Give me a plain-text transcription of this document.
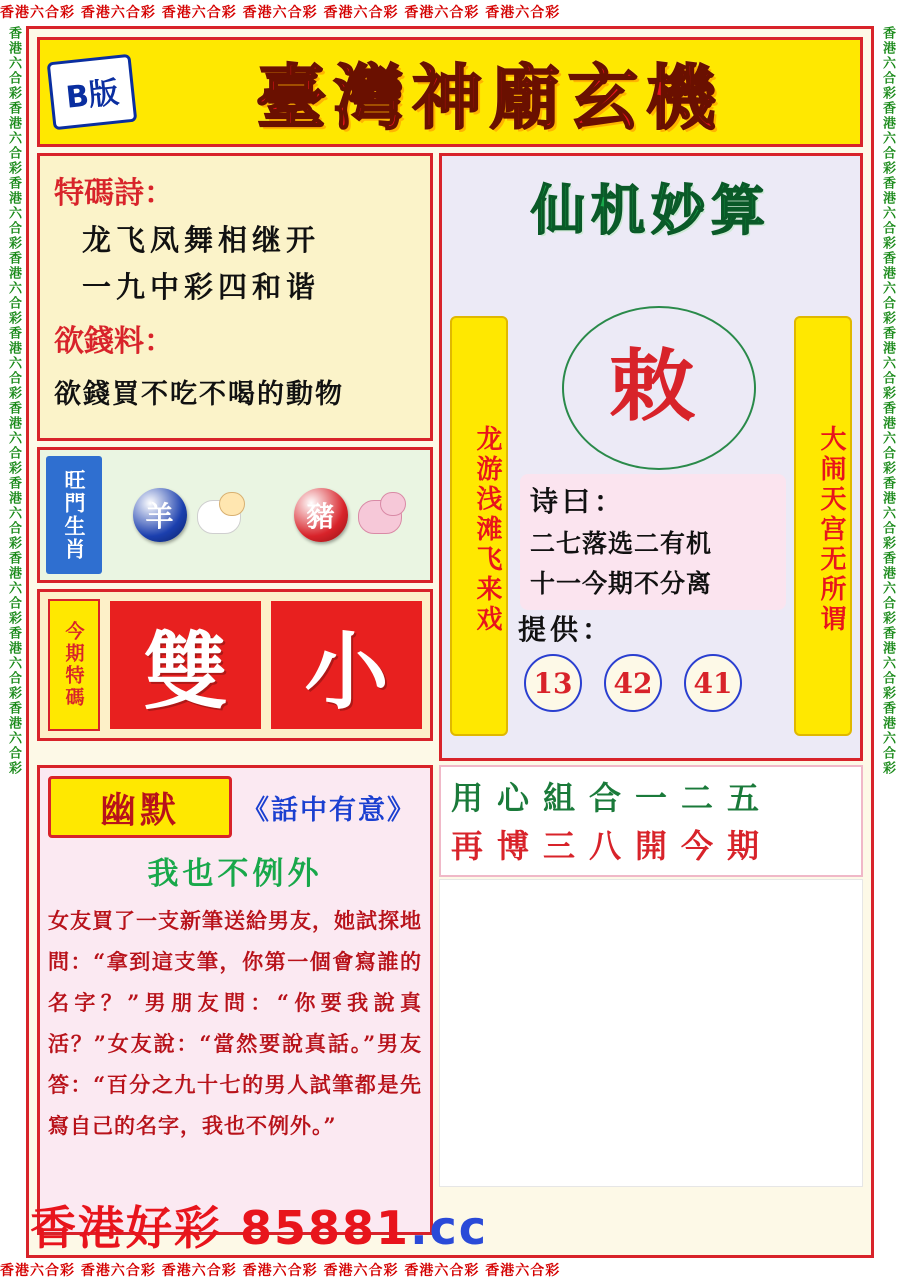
香港六合彩 香港六合彩 香港六合彩 香港六合彩 香港六合彩 香港六合彩 香港六合彩
香港六合彩 香港六合彩 香港六合彩 香港六合彩 香港六合彩 香港六合彩 香港六合彩
香港六合彩香港六合彩香港六合彩香港六合彩香港六合彩香港六合彩香港六合彩香港六合彩香港六合彩香港六合彩	香港六合彩香港六合彩香港六合彩香港六合彩香港六合彩香港六合彩香港六合彩香港六合彩香港六合彩香港六合彩
B版	臺灣神廟玄機
特碼詩：
龙飞凤舞相继开
一九中彩四和谐
欲錢料：
欲錢買不吃不喝的動物
旺門生肖	羊	豬
今期特碼 雙 小
仙机妙算
龙游浅滩飞来戏	大闹天宫无所谓
敕
诗曰：
二七落选二有机
十一今期不分离
提供：
13	42	41
用心組合一二五
再博三八開今期
幽默	《話中有意》
我也不例外
女友買了一支新筆送給男友，她試探地問：“拿到這支筆，你第一個會寫誰的名字？”男朋友問：“你要我說真活？”女友說：“當然要說真話。”男友答：“百分之九十七的男人試筆都是先寫自己的名字，我也不例外。”
香港好彩 85881.cc
